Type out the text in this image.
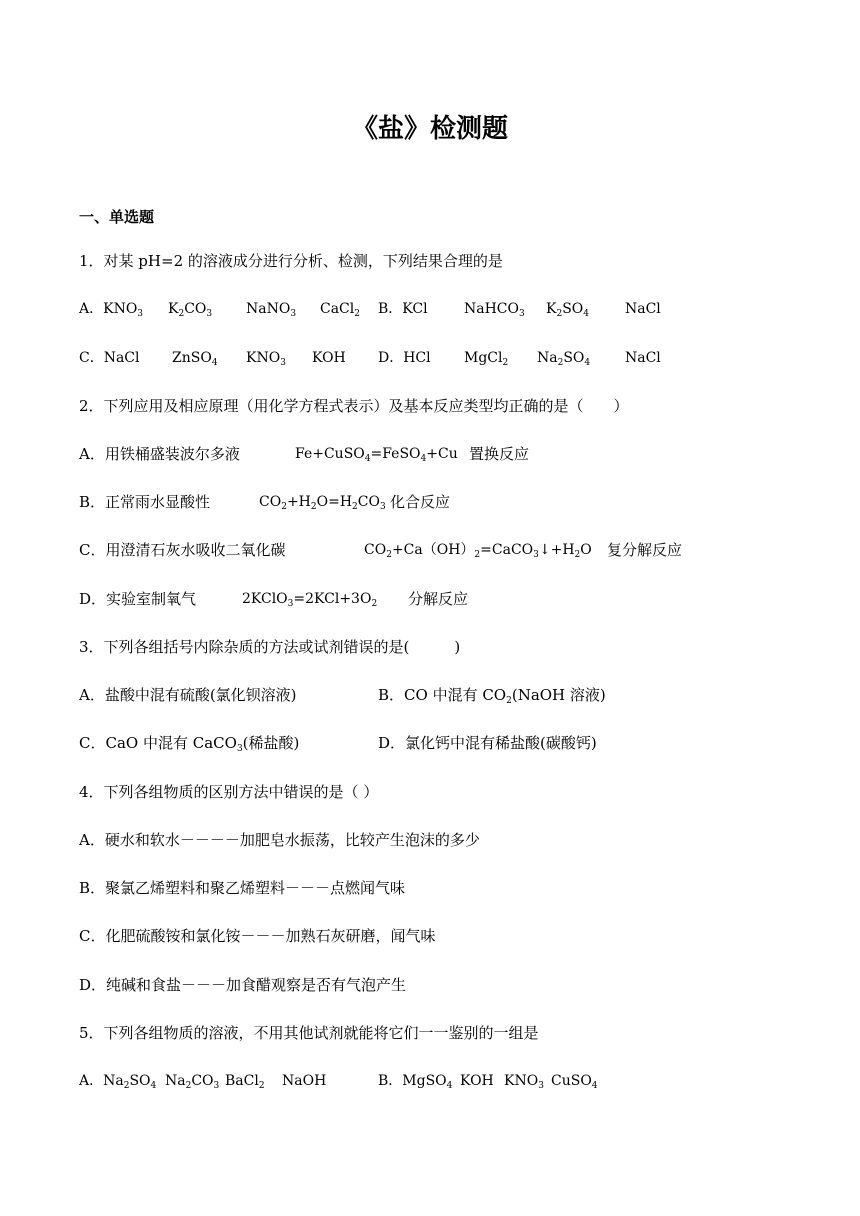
《盐》检测题
一、单选题
1．对某 pH=2 的溶液成分进行分析、检测，下列结果合理的是
A．$KNO_3$ $K_2CO_3$ NaNO$_3$ CaCl$_2$ B．KCl	NaHCO$_3$ $K_2SO_4$	NaCl
C．NaCl ZnSO$_4$ $KNO_3$ KOH D．HCl MgCl$_2$ $Na_2SO_4$ NaCl
2．下列应用及相应原理（用化学方程式表示）及基本反应类型均正确的是（　　）
A．用铁桶盛装波尔多液	Fe+CuSO$_4$=FeSO$_4$+Cu 置换反应
B．正常雨水显酸性	$CO_2+H_2O=H_2CO_3$ 化合反应
C．用澄清石灰水吸收二氧化碳	$CO_2+Ca(OH)_2=CaCO_3↓+H_2O$ 复分解反应
D．实验室制氧气	$2KClO_3=2KCl+3O_2$ 分解反应
3．下列各组括号内除杂质的方法或试剂错误的是(　　　)
A．盐酸中混有硫酸(氯化钡溶液)	B．CO 中混有 $CO_2(NaOH$ 溶液)
C．CaO 中混有 CaCO$_3$(稀盐酸)	D．氯化钙中混有稀盐酸(碳酸钙)
4．下列各组物质的区别方法中错误的是（ ）
A．硬水和软水－－－－加肥皂水振荡，比较产生泡沫的多少
B．聚氯乙烯塑料和聚乙烯塑料－－－点燃闻气味
C．化肥硫酸铵和氯化铵－－－加熟石灰研磨，闻气味
D．纯碱和食盐－－－加食醋观察是否有气泡产生
5．下列各组物质的溶液，不用其他试剂就能将它们一一鉴别的一组是
A．$Na_2SO_4$ $Na_2CO_3$ BaCl$_2$ NaOH	B．MgSO$_4$ KOH $KNO_3$ CuSO$_4$
